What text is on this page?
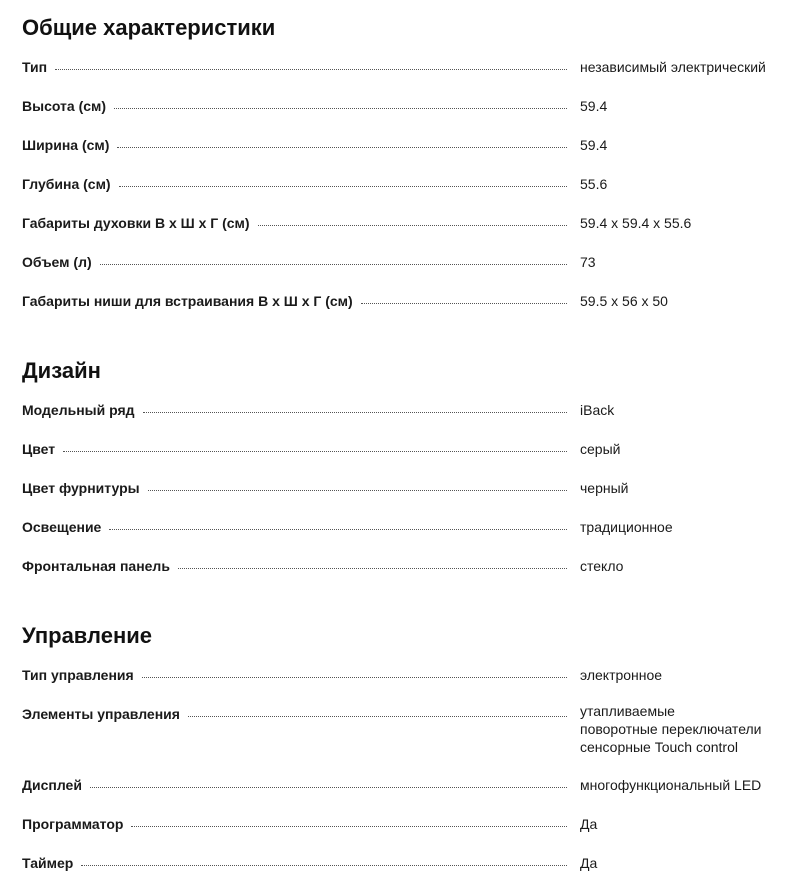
Общие характеристики
Тип	независимый электрический
Высота (см)	59.4
Ширина (см)	59.4
Глубина (см)	55.6
Габариты духовки В х Ш х Г (см)	59.4 x 59.4 x 55.6
Объем (л)	73
Габариты ниши для встраивания В х Ш х Г (см)	59.5 x 56 x 50
Дизайн
Модельный ряд	iBack
Цвет	серый
Цвет фурнитуры	черный
Освещение	традиционное
Фронтальная панель	стекло
Управление
Тип управления	электронное
Элементы управления	утапливаемые
поворотные переключатели
сенсорные Touch control
Дисплей	многофункциональный LED
Программатор	Да
Таймер	Да
